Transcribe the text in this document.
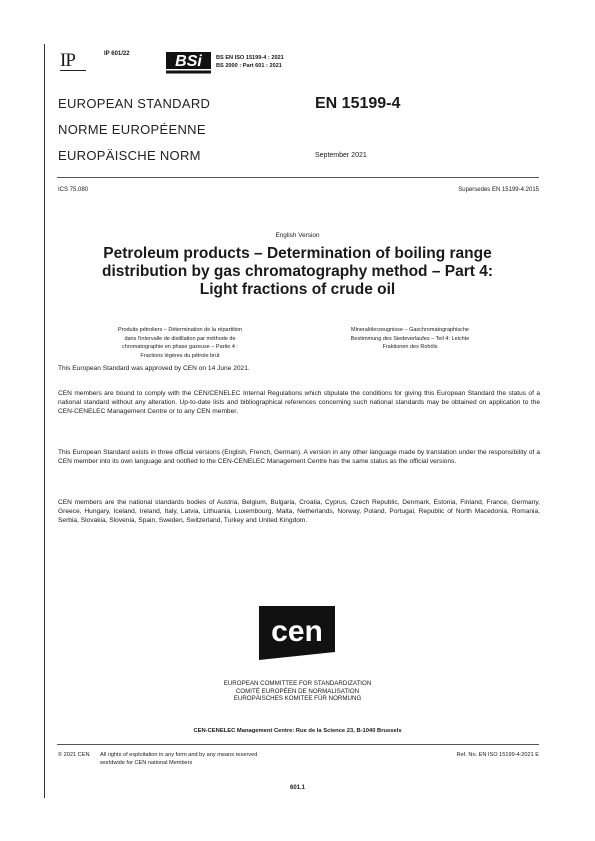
IP	IP 601/22	BSi	BS EN ISO 15199-4 : 2021
BS 2000 : Part 601 : 2021
EUROPEAN STANDARD
NORME EUROPÉENNE
EUROPÄISCHE NORM
EN 15199-4
September 2021
ICS 75.080	Supersedes EN 15199-4:2015
English Version
Petroleum products – Determination of boiling range
distribution by gas chromatography method – Part 4:
Light fractions of crude oil
Produits pétroliers – Détermination de la répartition
dans l'intervalle de distillation par méthode de
chromatographie en phase gazeuse – Partie 4 :
Fractions légères du pétrole brut
Mineralölerzeugnisse – Gaschromatographische
Bestimmung des Siedeverlaufes – Teil 4: Leichte
Fraktionen des Rohöls
This European Standard was approved by CEN on 14 June 2021.
CEN members are bound to comply with the CEN/CENELEC Internal Regulations which stipulate the conditions for giving this European Standard the status of a national standard without any alteration. Up-to-date lists and bibliographical references concerning such national standards may be obtained on application to the CEN-CENELEC Management Centre or to any CEN member.
This European Standard exists in three official versions (English, French, German). A version in any other language made by translation under the responsibility of a CEN member into its own language and notified to the CEN-CENELEC Management Centre has the same status as the official versions.
CEN members are the national standards bodies of Austria, Belgium, Bulgaria, Croatia, Cyprus, Czech Republic, Denmark, Estonia, Finland, France, Germany, Greece, Hungary, Iceland, Ireland, Italy, Latvia, Lithuania, Luxembourg, Malta, Netherlands, Norway, Poland, Portugal, Republic of North Macedonia, Romania, Serbia, Slovakia, Slovenia, Spain, Sweden, Switzerland, Turkey and United Kingdom.
cen
EUROPEAN COMMITTEE FOR STANDARDIZATION
COMITÉ EUROPÉEN DE NORMALISATION
EUROPÄISCHES KOMITEE FÜR NORMUNG
CEN-CENELEC Management Centre: Rue de la Science 23, B-1040 Brussels
© 2021 CEN All rights of exploitation in any form and by any means reserved
worldwide for CEN national Members
Ref. No. EN ISO 15199-4:2021 E
601.1
